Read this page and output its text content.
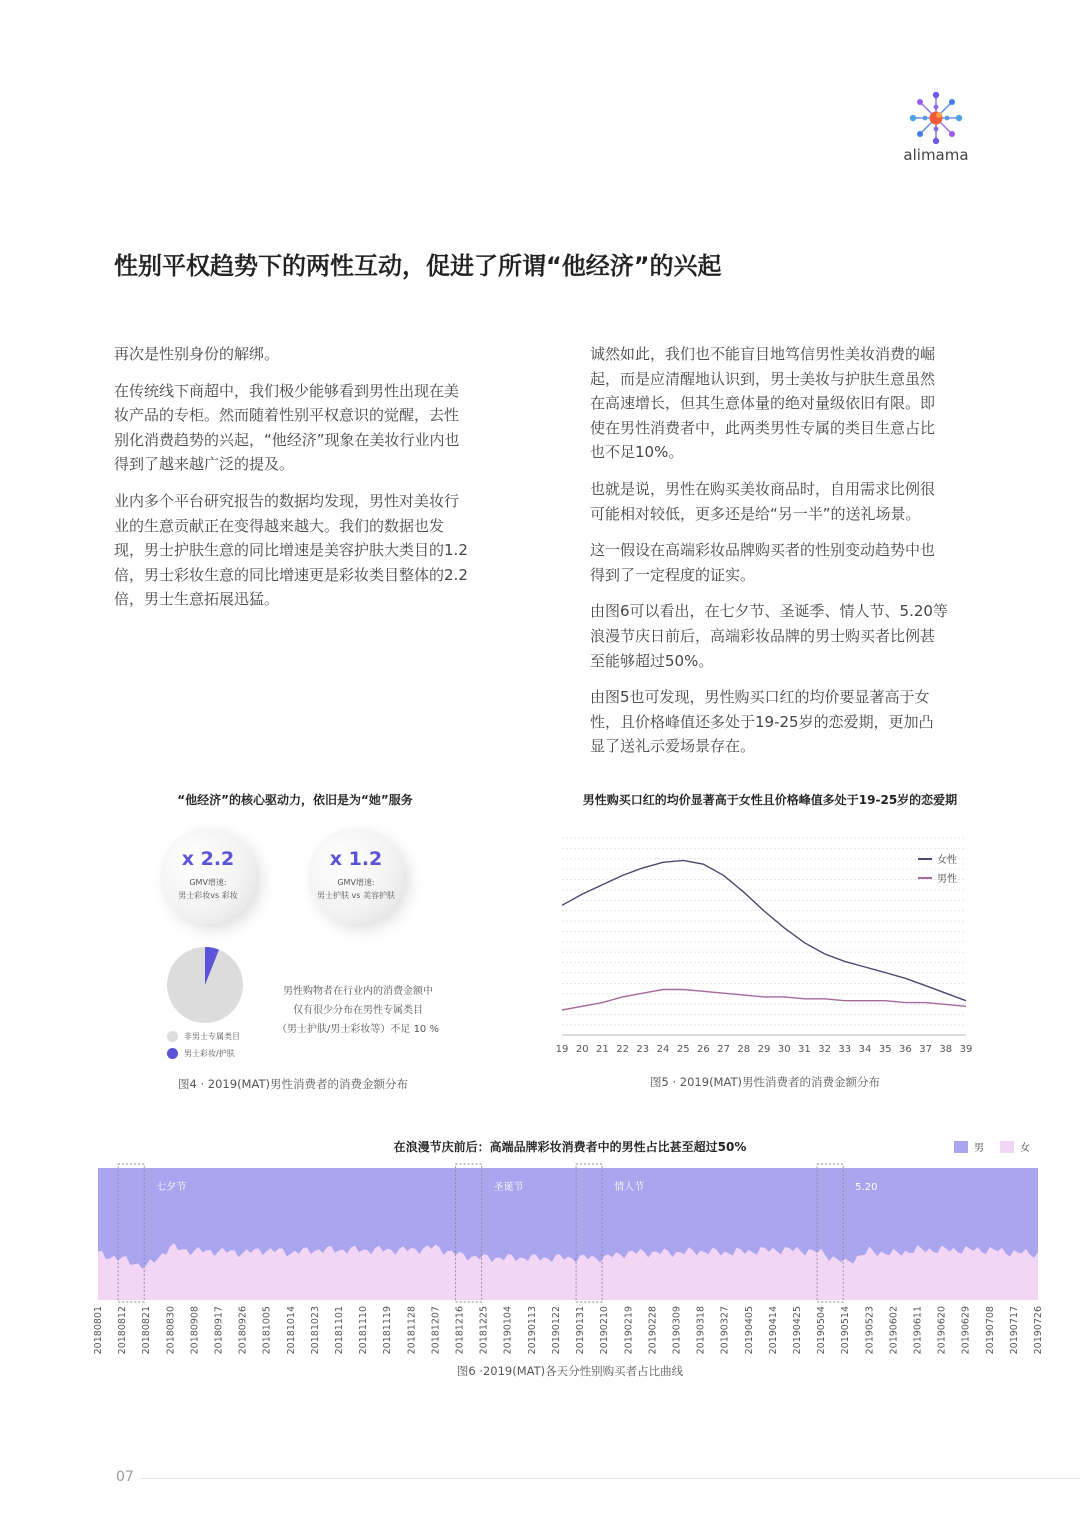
alimama
性别平权趋势下的两性互动，促进了所谓“他经济”的兴起

再次是性别身份的解绑。

在传统线下商超中，我们极少能够看到男性出现在美妆产品的专柜。然而随着性别平权意识的觉醒，去性别化消费趋势的兴起，“他经济”现象在美妆行业内也得到了越来越广泛的提及。

业内多个平台研究报告的数据均发现，男性对美妆行业的生意贡献正在变得越来越大。我们的数据也发现，男士护肤生意的同比增速是美容护肤大类目的1.2倍，男士彩妆生意的同比增速更是彩妆类目整体的2.2倍，男士生意拓展迅猛。

诚然如此，我们也不能盲目地笃信男性美妆消费的崛起，而是应清醒地认识到，男士美妆与护肤生意虽然在高速增长，但其生意体量的绝对量级依旧有限。即使在男性消费者中，此两类男性专属的类目生意占比也不足10%。

也就是说，男性在购买美妆商品时，自用需求比例很可能相对较低，更多还是给“另一半”的送礼场景。

这一假设在高端彩妆品牌购买者的性别变动趋势中也得到了一定程度的证实。

由图6可以看出，在七夕节、圣诞季、情人节、5.20等浪漫节庆日前后，高端彩妆品牌的男士购买者比例甚至能够超过50%。

由图5也可发现，男性购买口红的均价要显著高于女性，且价格峰值还多处于19-25岁的恋爱期，更加凸显了送礼示爱场景存在。

“他经济”的核心驱动力，依旧是为“她”服务
x 2.2
GMV增速:
男士彩妆vs 彩妆
x 1.2
GMV增速:
男士护肤 vs 美容护肤
男性购物者在行业内的消费金额中
仅有很少分布在男性专属类目
（男士护肤/男士彩妆等）不足 10 %
非男士专属类目
男士彩妆/护肤
图4 · 2019(MAT)男性消费者的消费金额分布
男性购买口红的均价显著高于女性且价格峰值多处于19-25岁的恋爱期
19 20 21 22 23 24 25 26 27 28 29 30 31 32 33 34 35 36 37 38 39
女性
男性
图5 · 2019(MAT)男性消费者的消费金额分布
在浪漫节庆前后：高端品牌彩妆消费者中的男性占比甚至超过50%	男	女
七夕节	圣诞节	情人节	5.20
20180801 20180812 20180821 20180830 20180908 20180917 20180926 20181005 20181014 20181023 20181101 20181110 20181119 20181128 20181207 20181216 20181225 20190104 20190113 20190122 20190131 20190210 20190219 20190228 20190309 20190318 20190327 20190405 20190414 20190425 20190504 20190514 20190523 20190602 20190611 20190620 20190629 20190708 20190717 20190726
图6 ·2019(MAT)各天分性别购买者占比曲线
07
